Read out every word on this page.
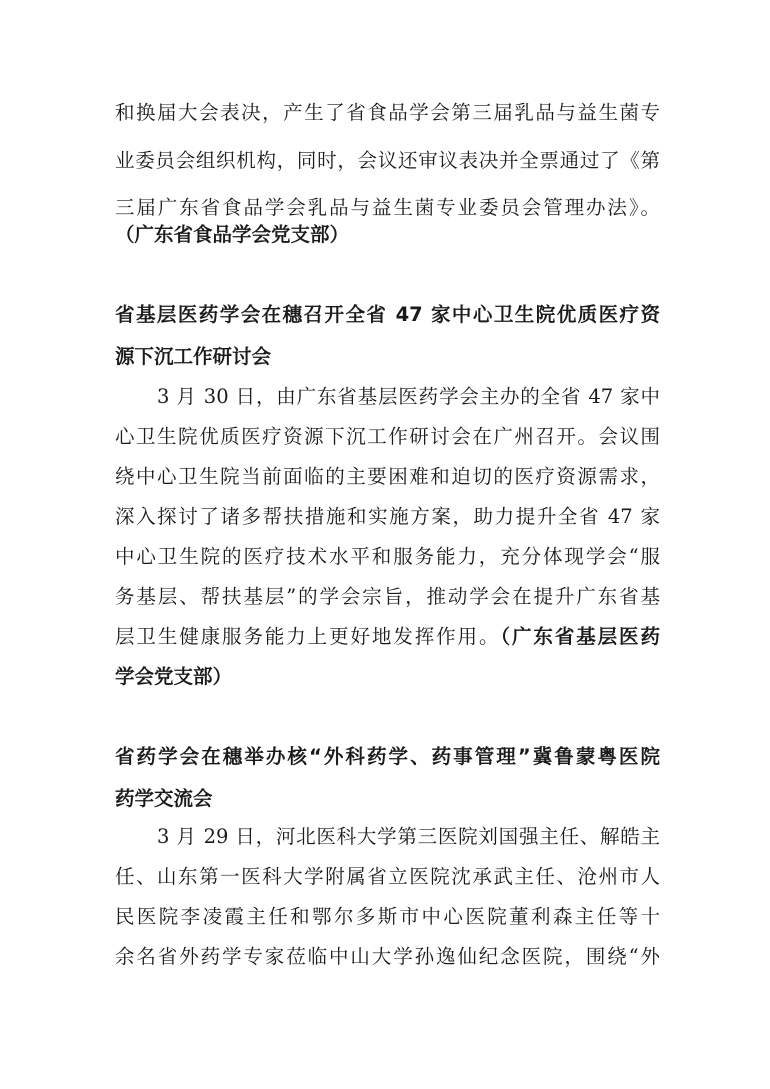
和换届大会表决，产生了省食品学会第三届乳品与益生菌专
业委员会组织机构，同时，会议还审议表决并全票通过了《第
三届广东省食品学会乳品与益生菌专业委员会管理办法》。
（广东省食品学会党支部）
省基层医药学会在穗召开全省 47 家中心卫生院优质医疗资
源下沉工作研讨会
3 月 30 日，由广东省基层医药学会主办的全省 47 家中
心卫生院优质医疗资源下沉工作研讨会在广州召开。会议围
绕中心卫生院当前面临的主要困难和迫切的医疗资源需求，
深入探讨了诸多帮扶措施和实施方案，助力提升全省 47 家
中心卫生院的医疗技术水平和服务能力，充分体现学会“服
务基层、帮扶基层”的学会宗旨，推动学会在提升广东省基
层卫生健康服务能力上更好地发挥作用。（广东省基层医药
学会党支部）
省药学会在穗举办核“外科药学、药事管理”冀鲁蒙粤医院
药学交流会
3 月 29 日，河北医科大学第三医院刘国强主任、解皓主
任、山东第一医科大学附属省立医院沈承武主任、沧州市人
民医院李凌霞主任和鄂尔多斯市中心医院董利森主任等十
余名省外药学专家莅临中山大学孙逸仙纪念医院，围绕“外
